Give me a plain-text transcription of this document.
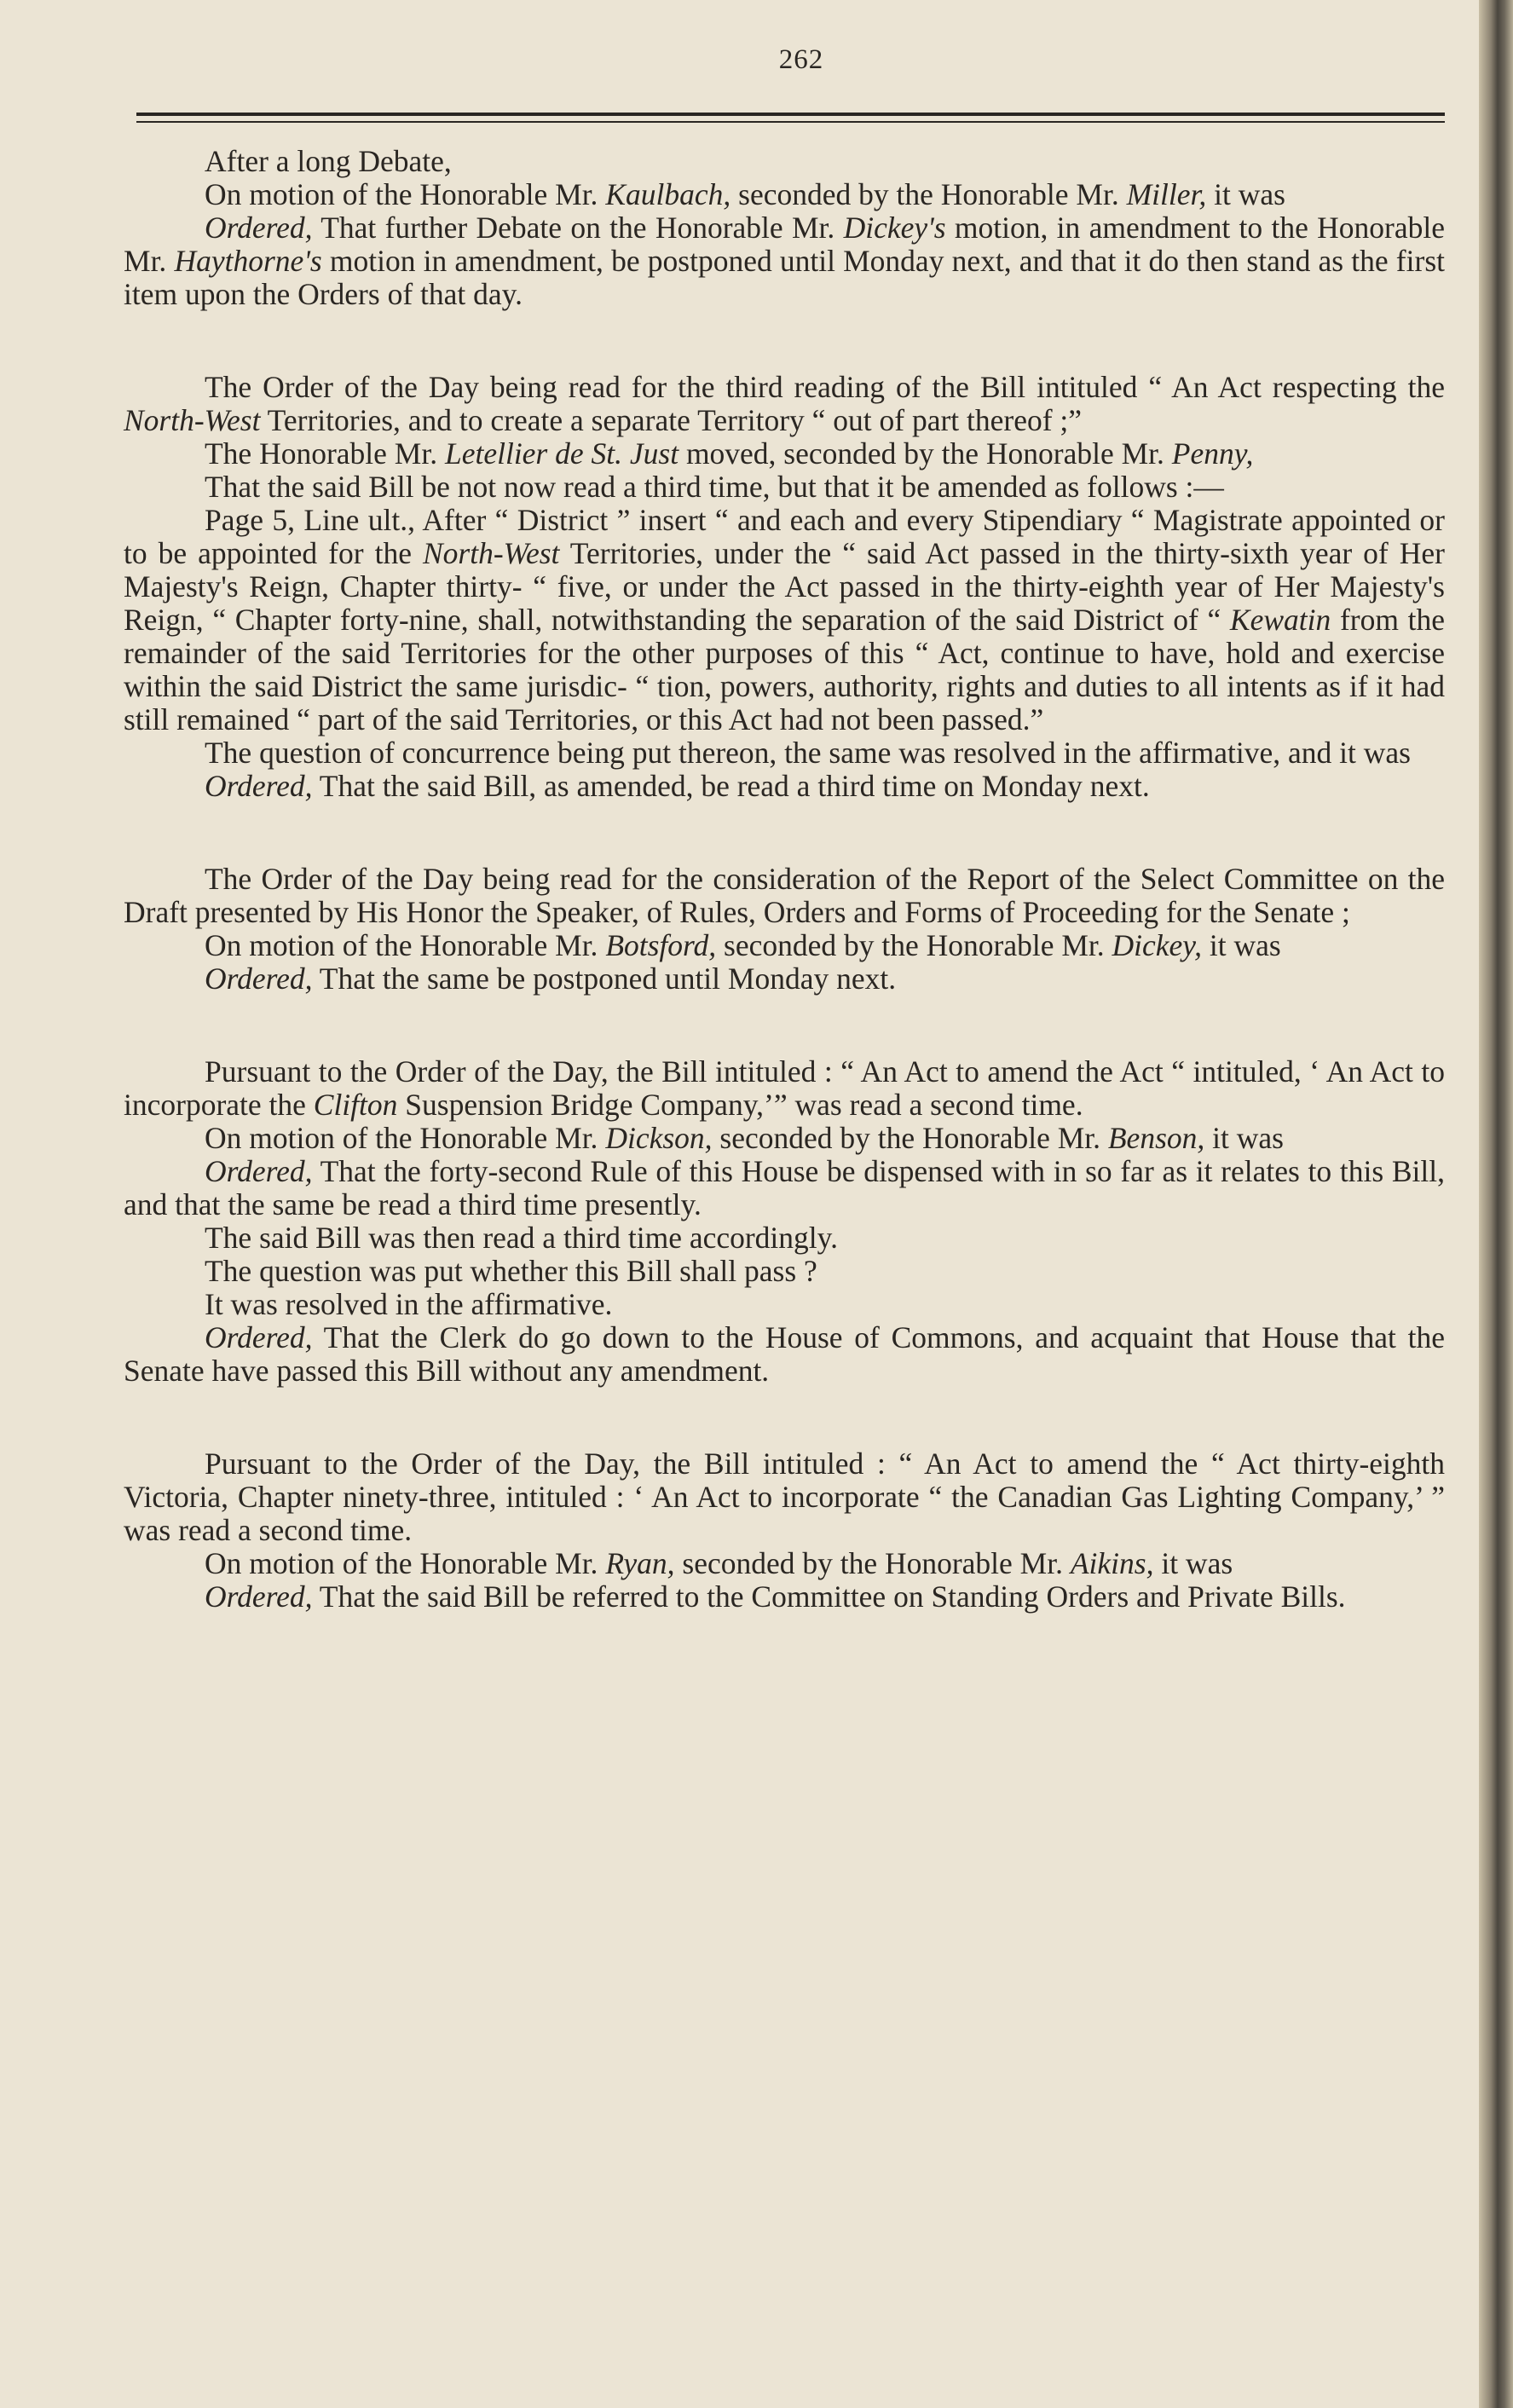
262

After a long Debate,

On motion of the Honorable Mr. Kaulbach, seconded by the Honorable Mr. Miller, it was

Ordered, That further Debate on the Honorable Mr. Dickey's motion, in amendment to the Honorable Mr. Haythorne's motion in amendment, be postponed until Monday next, and that it do then stand as the first item upon the Orders of that day.

The Order of the Day being read for the third reading of the Bill intituled “ An Act respecting the North-West Territories, and to create a separate Territory “ out of part thereof ;”

The Honorable Mr. Letellier de St. Just moved, seconded by the Honorable Mr. Penny,

That the said Bill be not now read a third time, but that it be amended as follows :—

Page 5, Line ult., After “ District ” insert “ and each and every Stipendiary “ Magistrate appointed or to be appointed for the North-West Territories, under the “ said Act passed in the thirty-sixth year of Her Majesty's Reign, Chapter thirty- “ five, or under the Act passed in the thirty-eighth year of Her Majesty's Reign, “ Chapter forty-nine, shall, notwithstanding the separation of the said District of “ Kewatin from the remainder of the said Territories for the other purposes of this “ Act, continue to have, hold and exercise within the said District the same jurisdic- “ tion, powers, authority, rights and duties to all intents as if it had still remained “ part of the said Territories, or this Act had not been passed.”

The question of concurrence being put thereon, the same was resolved in the affirmative, and it was

Ordered, That the said Bill, as amended, be read a third time on Monday next.

The Order of the Day being read for the consideration of the Report of the Select Committee on the Draft presented by His Honor the Speaker, of Rules, Orders and Forms of Proceeding for the Senate ;

On motion of the Honorable Mr. Botsford, seconded by the Honorable Mr. Dickey, it was

Ordered, That the same be postponed until Monday next.

Pursuant to the Order of the Day, the Bill intituled : “ An Act to amend the Act “ intituled, ‘ An Act to incorporate the Clifton Suspension Bridge Company,’” was read a second time.

On motion of the Honorable Mr. Dickson, seconded by the Honorable Mr. Benson, it was

Ordered, That the forty-second Rule of this House be dispensed with in so far as it relates to this Bill, and that the same be read a third time presently.

The said Bill was then read a third time accordingly.

The question was put whether this Bill shall pass ?

It was resolved in the affirmative.

Ordered, That the Clerk do go down to the House of Commons, and acquaint that House that the Senate have passed this Bill without any amendment.

Pursuant to the Order of the Day, the Bill intituled : “ An Act to amend the “ Act thirty-eighth Victoria, Chapter ninety-three, intituled : ‘ An Act to incorporate “ the Canadian Gas Lighting Company,’ ” was read a second time.

On motion of the Honorable Mr. Ryan, seconded by the Honorable Mr. Aikins, it was

Ordered, That the said Bill be referred to the Committee on Standing Orders and Private Bills.
